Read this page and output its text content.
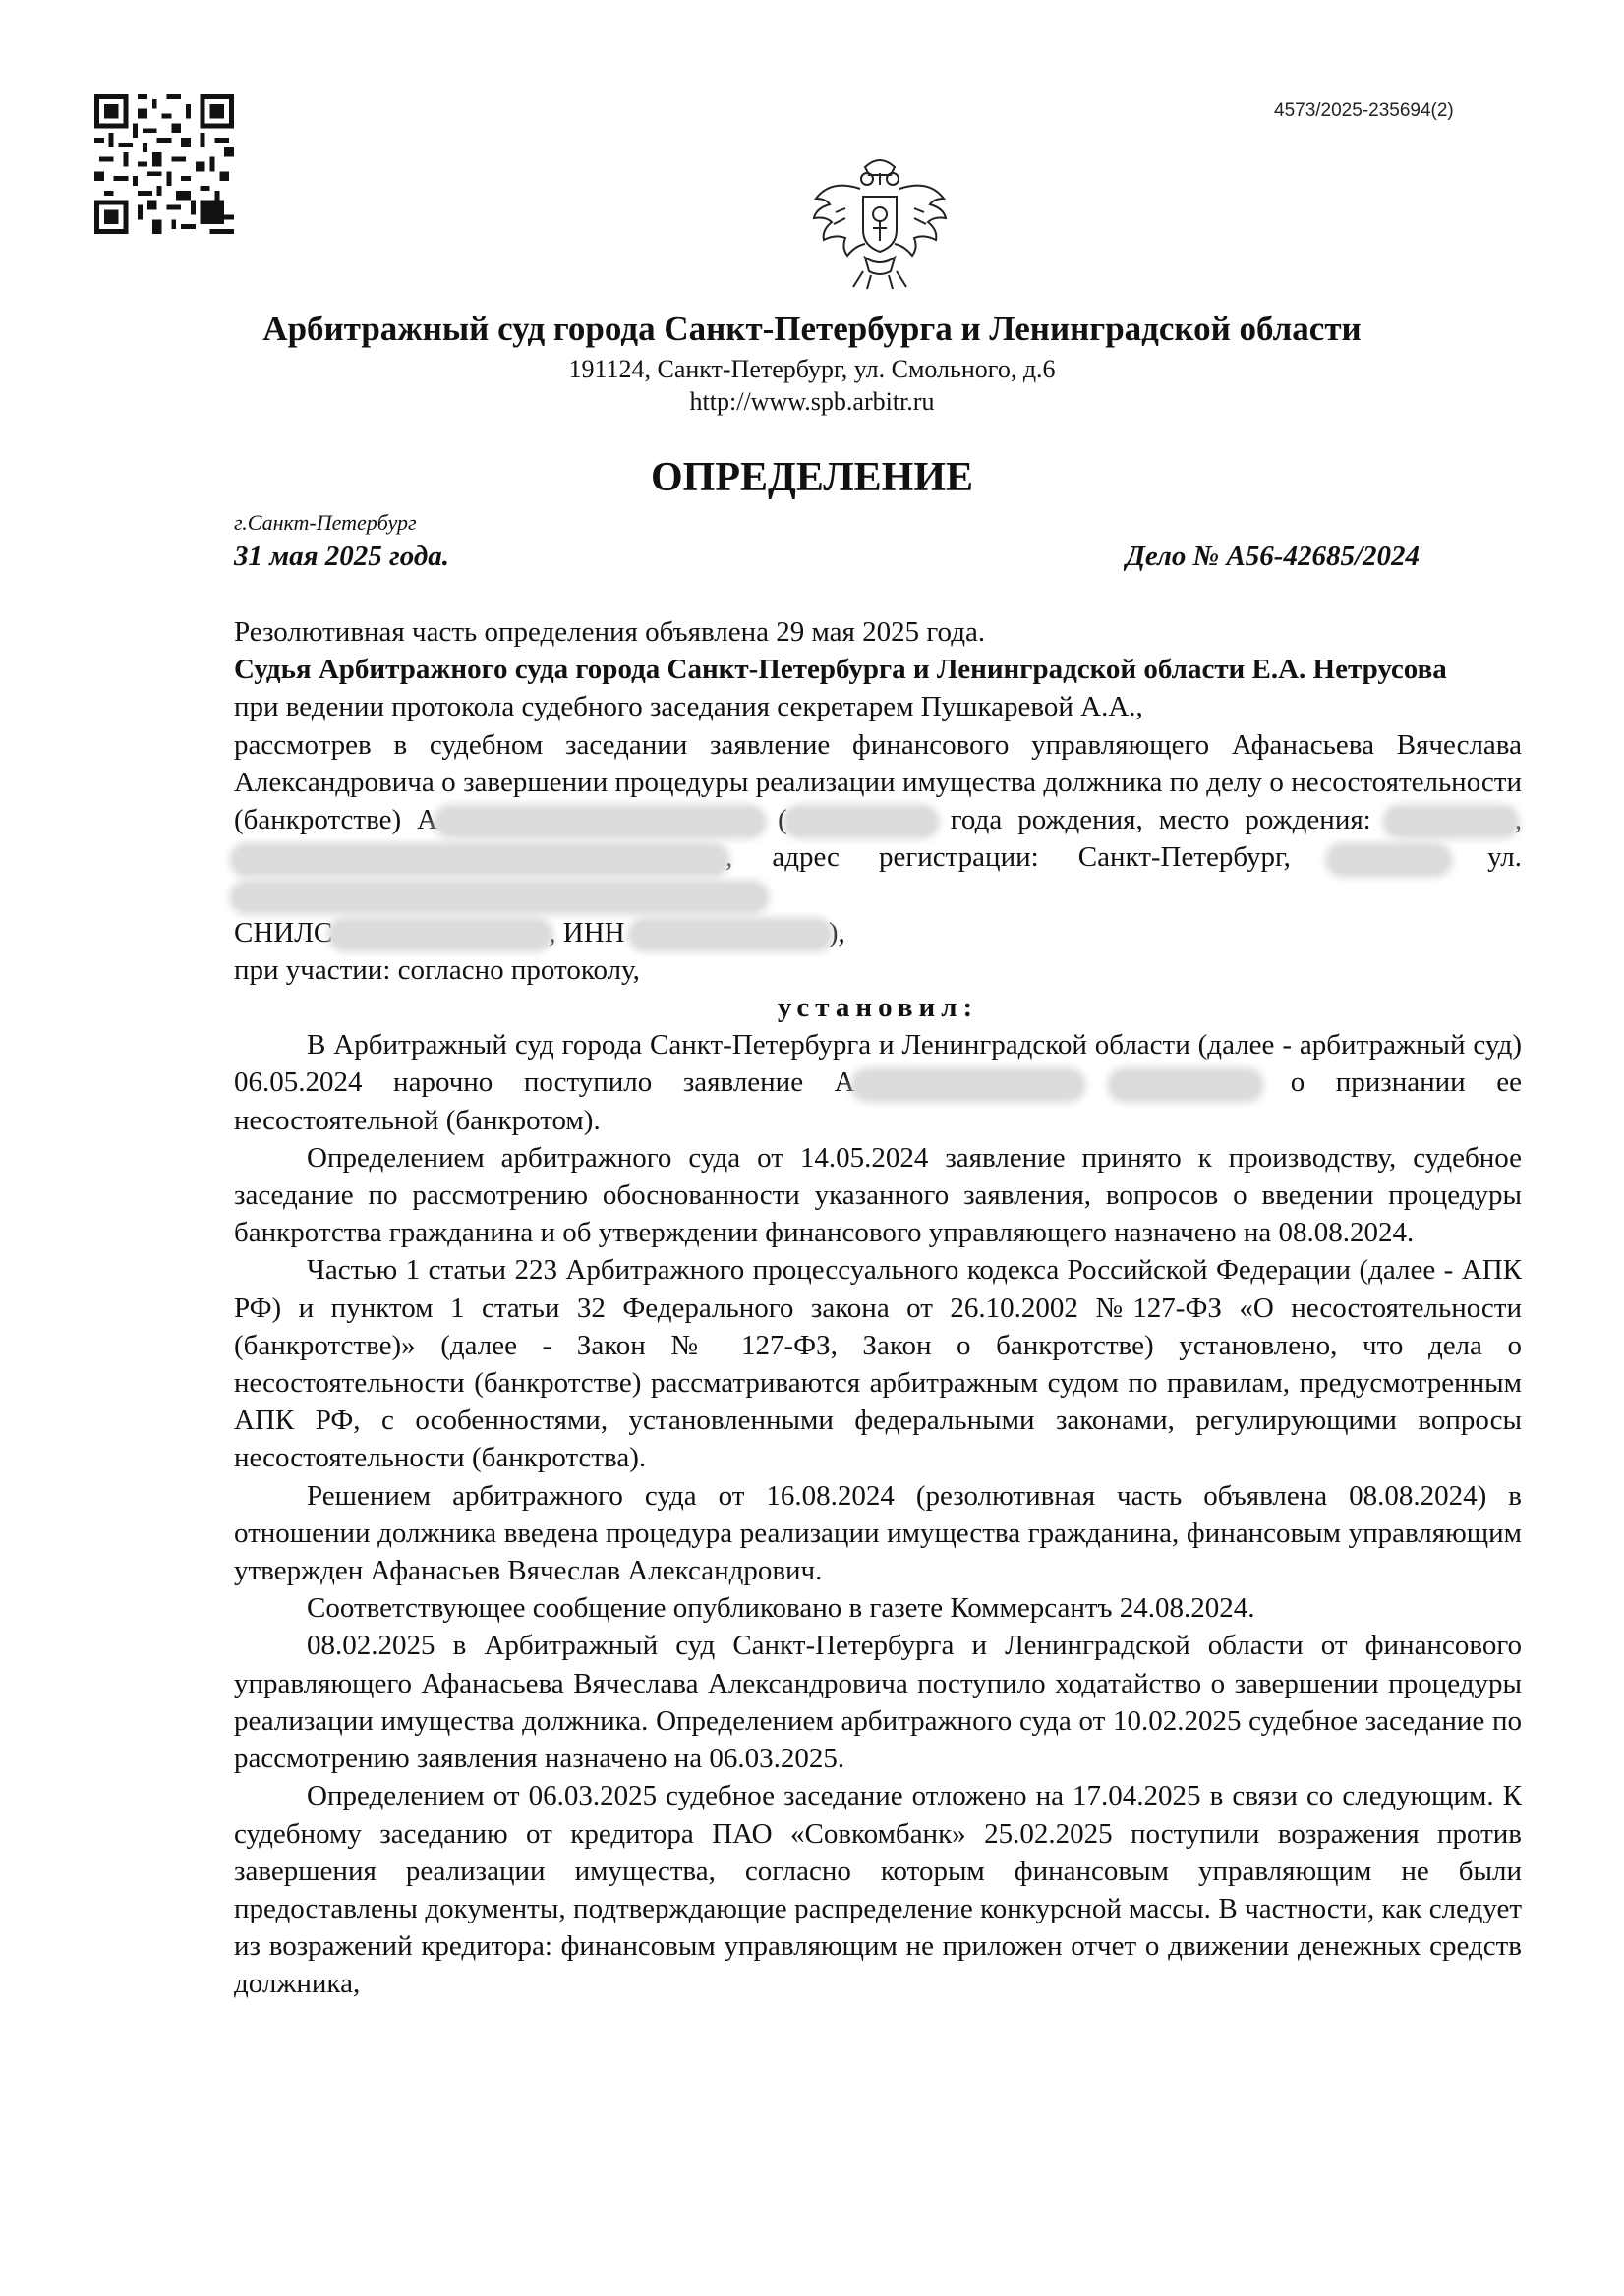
4573/2025-235694(2)
Арбитражный суд города Санкт-Петербурга и Ленинградской области
191124, Санкт-Петербург, ул. Смольного, д.6
http://www.spb.arbitr.ru
ОПРЕДЕЛЕНИЕ
г.Санкт-Петербург
31 мая 2025 года.	Дело № А56-42685/2024

Резолютивная часть определения объявлена 29 мая 2025 года.

Судья Арбитражного суда города Санкт-Петербурга и Ленинградской области Е.А. Нетрусова

при ведении протокола судебного заседания секретарем Пушкаревой А.А.,

рассмотрев в судебном заседании заявление финансового управляющего Афанасьева Вячеслава Александровича о завершении процедуры реализации имущества должника по делу о несостоятельности (банкротстве) А	(	года рождения, место рождения:	, , адрес регистрации: Санкт-Петербург,	ул.
СНИЛС	, ИНН	),

при участии: согласно протоколу,

установил:

В Арбитражный суд города Санкт-Петербурга и Ленинградской области (далее - арбитражный суд) 06.05.2024 нарочно поступило заявление А	о признании ее несостоятельной (банкротом).

Определением арбитражного суда от 14.05.2024 заявление принято к производству, судебное заседание по рассмотрению обоснованности указанного заявления, вопросов о введении процедуры банкротства гражданина и об утверждении финансового управляющего назначено на 08.08.2024.

Частью 1 статьи 223 Арбитражного процессуального кодекса Российской Федерации (далее - АПК РФ) и пунктом 1 статьи 32 Федерального закона от 26.10.2002 №127-ФЗ «О несостоятельности (банкротстве)» (далее - Закон № 127-ФЗ, Закон о банкротстве) установлено, что дела о несостоятельности (банкротстве) рассматриваются арбитражным судом по правилам, предусмотренным АПК РФ, с особенностями, установленными федеральными законами, регулирующими вопросы несостоятельности (банкротства).

Решением арбитражного суда от 16.08.2024 (резолютивная часть объявлена 08.08.2024) в отношении должника введена процедура реализации имущества гражданина, финансовым управляющим утвержден Афанасьев Вячеслав Александрович.

Соответствующее сообщение опубликовано в газете Коммерсантъ 24.08.2024.

08.02.2025 в Арбитражный суд Санкт-Петербурга и Ленинградской области от финансового управляющего Афанасьева Вячеслава Александровича поступило ходатайство о завершении процедуры реализации имущества должника. Определением арбитражного суда от 10.02.2025 судебное заседание по рассмотрению заявления назначено на 06.03.2025.

Определением от 06.03.2025 судебное заседание отложено на 17.04.2025 в связи со следующим. К судебному заседанию от кредитора ПАО «Совкомбанк» 25.02.2025 поступили возражения против завершения реализации имущества, согласно которым финансовым управляющим не были предоставлены документы, подтверждающие распределение конкурсной массы. В частности, как следует из возражений кредитора: финансовым управляющим не приложен отчет о движении денежных средств должника,
